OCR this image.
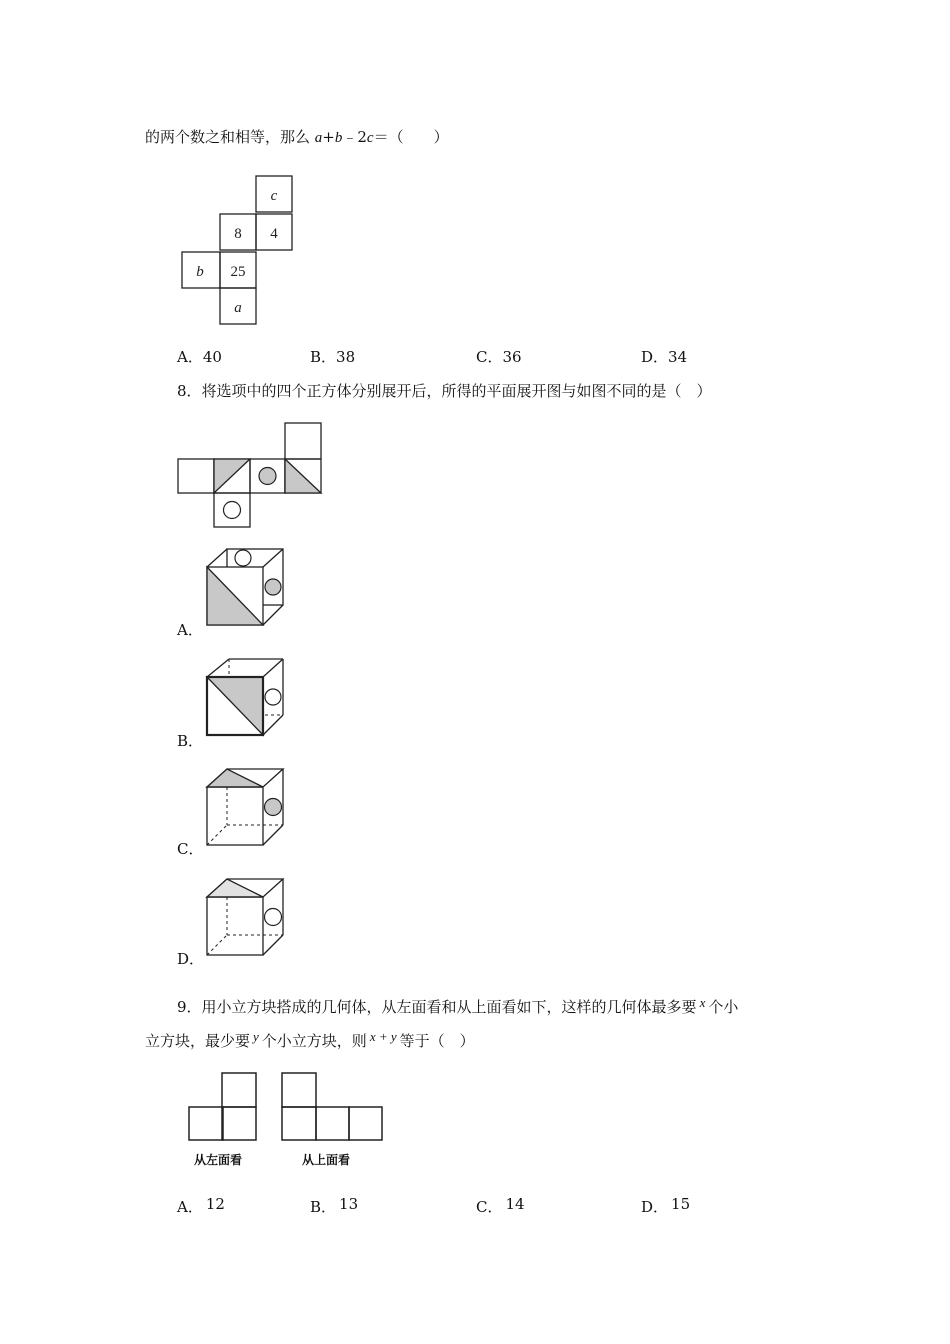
的两个数之和相等，那么 a+b﹣2c＝（　　）
c
8 4
b 25
a
A．40	B．38	C．36	D．34
8．将选项中的四个正方体分别展开后，所得的平面展开图与如图不同的是（　）
A．
B．
C．
D．
9．用小立方块搭成的几何体，从左面看和从上面看如下，这样的几何体最多要 x 个小
立方块，最少要 y 个小立方块，则 x + y 等于（　）
从左面看	从上面看
A． 12	B． 13	C． 14	D． 15
